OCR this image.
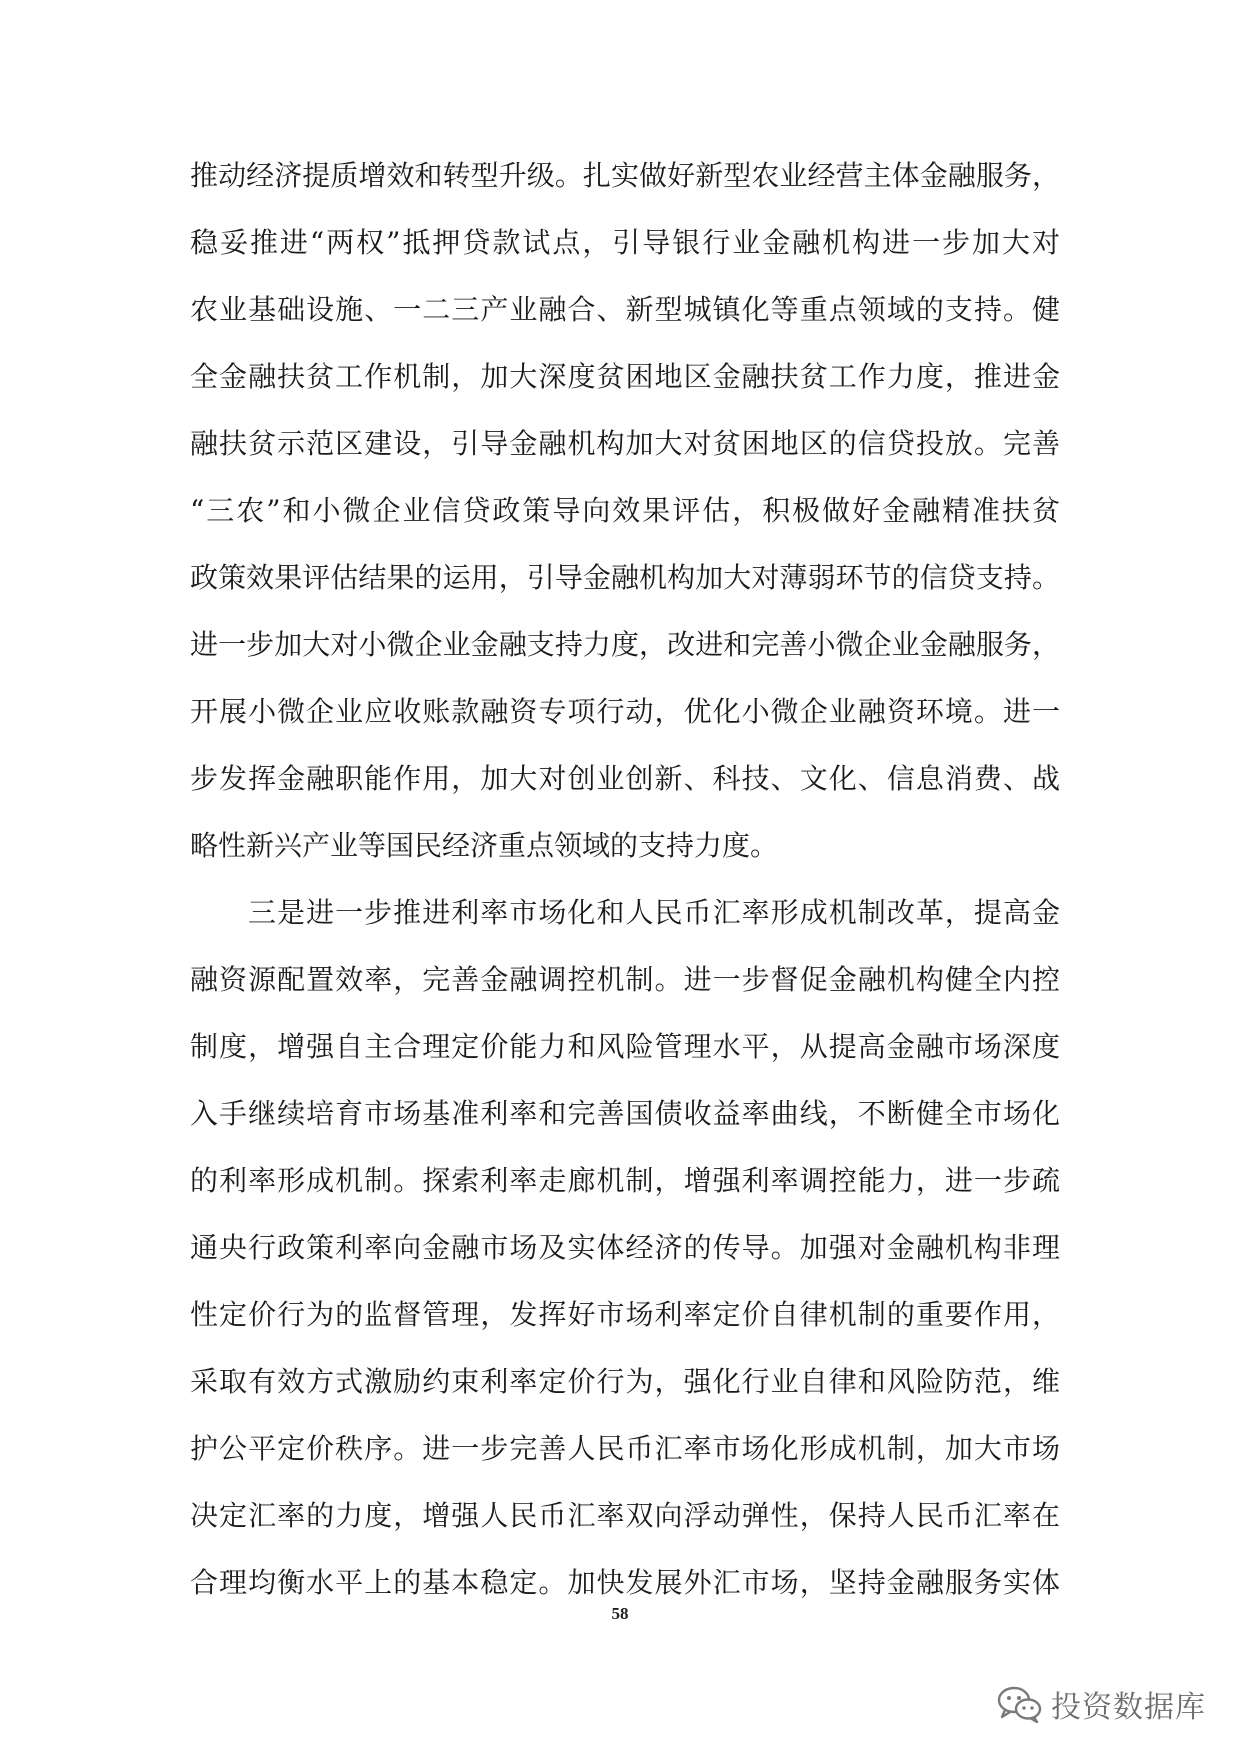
推动经济提质增效和转型升级。扎实做好新型农业经营主体金融服务，
稳妥推进“两权”抵押贷款试点，引导银行业金融机构进一步加大对
农业基础设施、一二三产业融合、新型城镇化等重点领域的支持。健
全金融扶贫工作机制，加大深度贫困地区金融扶贫工作力度，推进金
融扶贫示范区建设，引导金融机构加大对贫困地区的信贷投放。完善
“三农”和小微企业信贷政策导向效果评估，积极做好金融精准扶贫
政策效果评估结果的运用，引导金融机构加大对薄弱环节的信贷支持。
进一步加大对小微企业金融支持力度，改进和完善小微企业金融服务，
开展小微企业应收账款融资专项行动，优化小微企业融资环境。进一
步发挥金融职能作用，加大对创业创新、科技、文化、信息消费、战
略性新兴产业等国民经济重点领域的支持力度。
三是进一步推进利率市场化和人民币汇率形成机制改革，提高金
融资源配置效率，完善金融调控机制。进一步督促金融机构健全内控
制度，增强自主合理定价能力和风险管理水平，从提高金融市场深度
入手继续培育市场基准利率和完善国债收益率曲线，不断健全市场化
的利率形成机制。探索利率走廊机制，增强利率调控能力，进一步疏
通央行政策利率向金融市场及实体经济的传导。加强对金融机构非理
性定价行为的监督管理，发挥好市场利率定价自律机制的重要作用，
采取有效方式激励约束利率定价行为，强化行业自律和风险防范，维
护公平定价秩序。进一步完善人民币汇率市场化形成机制，加大市场
决定汇率的力度，增强人民币汇率双向浮动弹性，保持人民币汇率在
合理均衡水平上的基本稳定。加快发展外汇市场，坚持金融服务实体
58
投资数据库
